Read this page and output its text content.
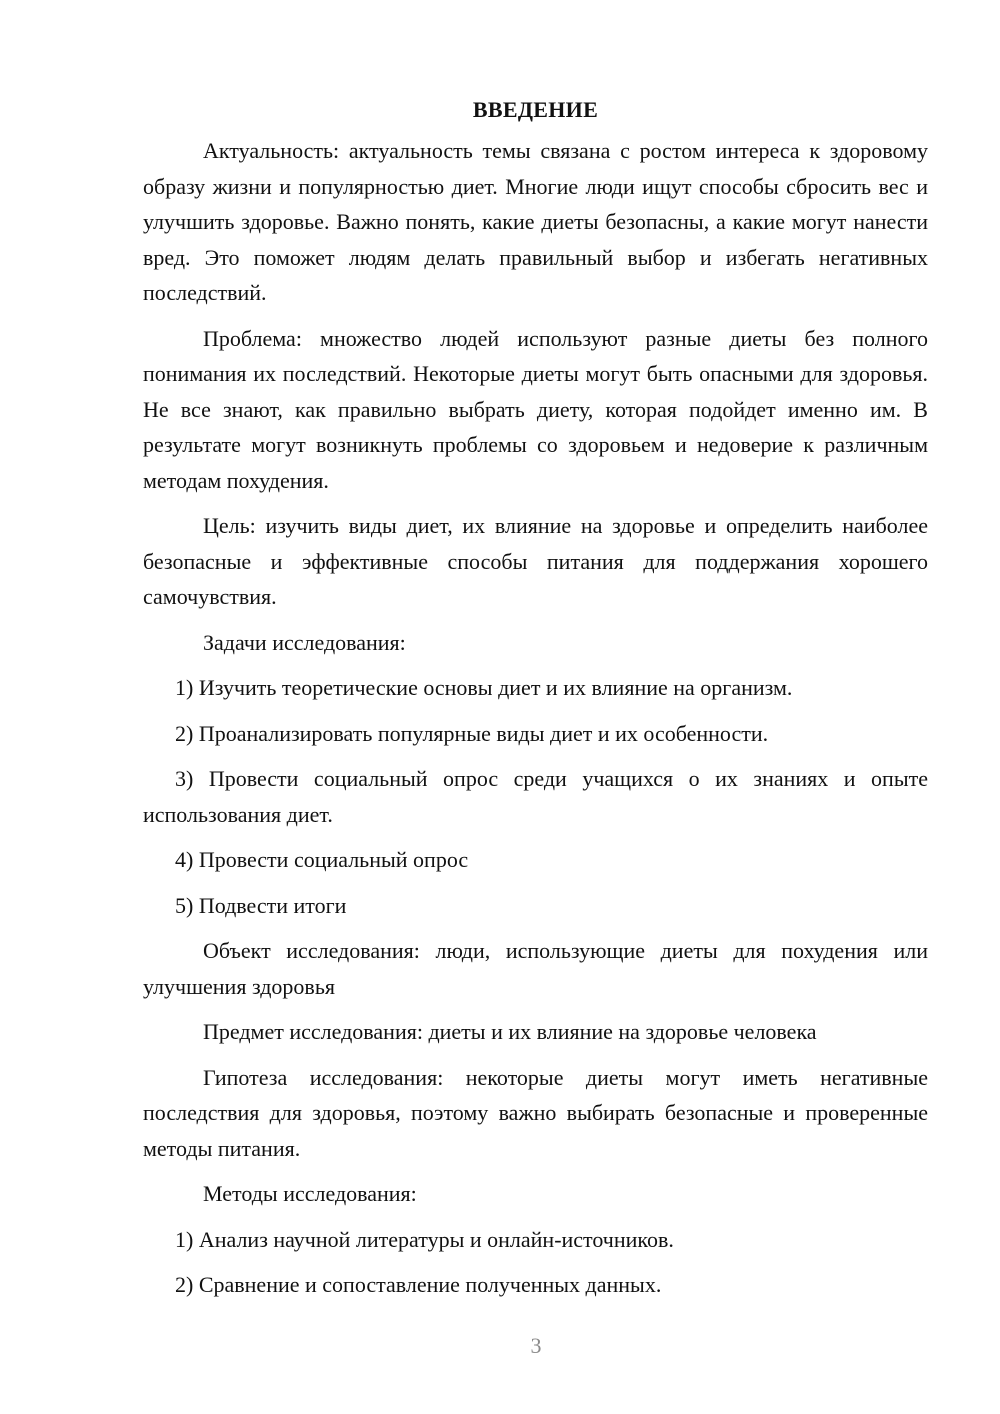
ВВЕДЕНИЕ

Актуальность: актуальность темы связана с ростом интереса к здоровому образу жизни и популярностью диет. Многие люди ищут способы сбросить вес и улучшить здоровье. Важно понять, какие диеты безопасны, а какие могут нанести вред. Это поможет людям делать правильный выбор и избегать негативных последствий.

Проблема: множество людей используют разные диеты без полного понимания их последствий. Некоторые диеты могут быть опасными для здоровья. Не все знают, как правильно выбрать диету, которая подойдет именно им. В результате могут возникнуть проблемы со здоровьем и недоверие к различным методам похудения.

Цель: изучить виды диет, их влияние на здоровье и определить наиболее безопасные и эффективные способы питания для поддержания хорошего самочувствия.

Задачи исследования:

1) Изучить теоретические основы диет и их влияние на организм.

2) Проанализировать популярные виды диет и их особенности.

3) Провести социальный опрос среди учащихся о их знаниях и опыте использования диет.

4) Провести социальный опрос

5) Подвести итоги

Объект исследования: люди, использующие диеты для похудения или улучшения здоровья

Предмет исследования: диеты и их влияние на здоровье человека

Гипотеза исследования: некоторые диеты могут иметь негативные последствия для здоровья, поэтому важно выбирать безопасные и проверенные методы питания.

Методы исследования:

1) Анализ научной литературы и онлайн-источников.

2) Сравнение и сопоставление полученных данных.

3
